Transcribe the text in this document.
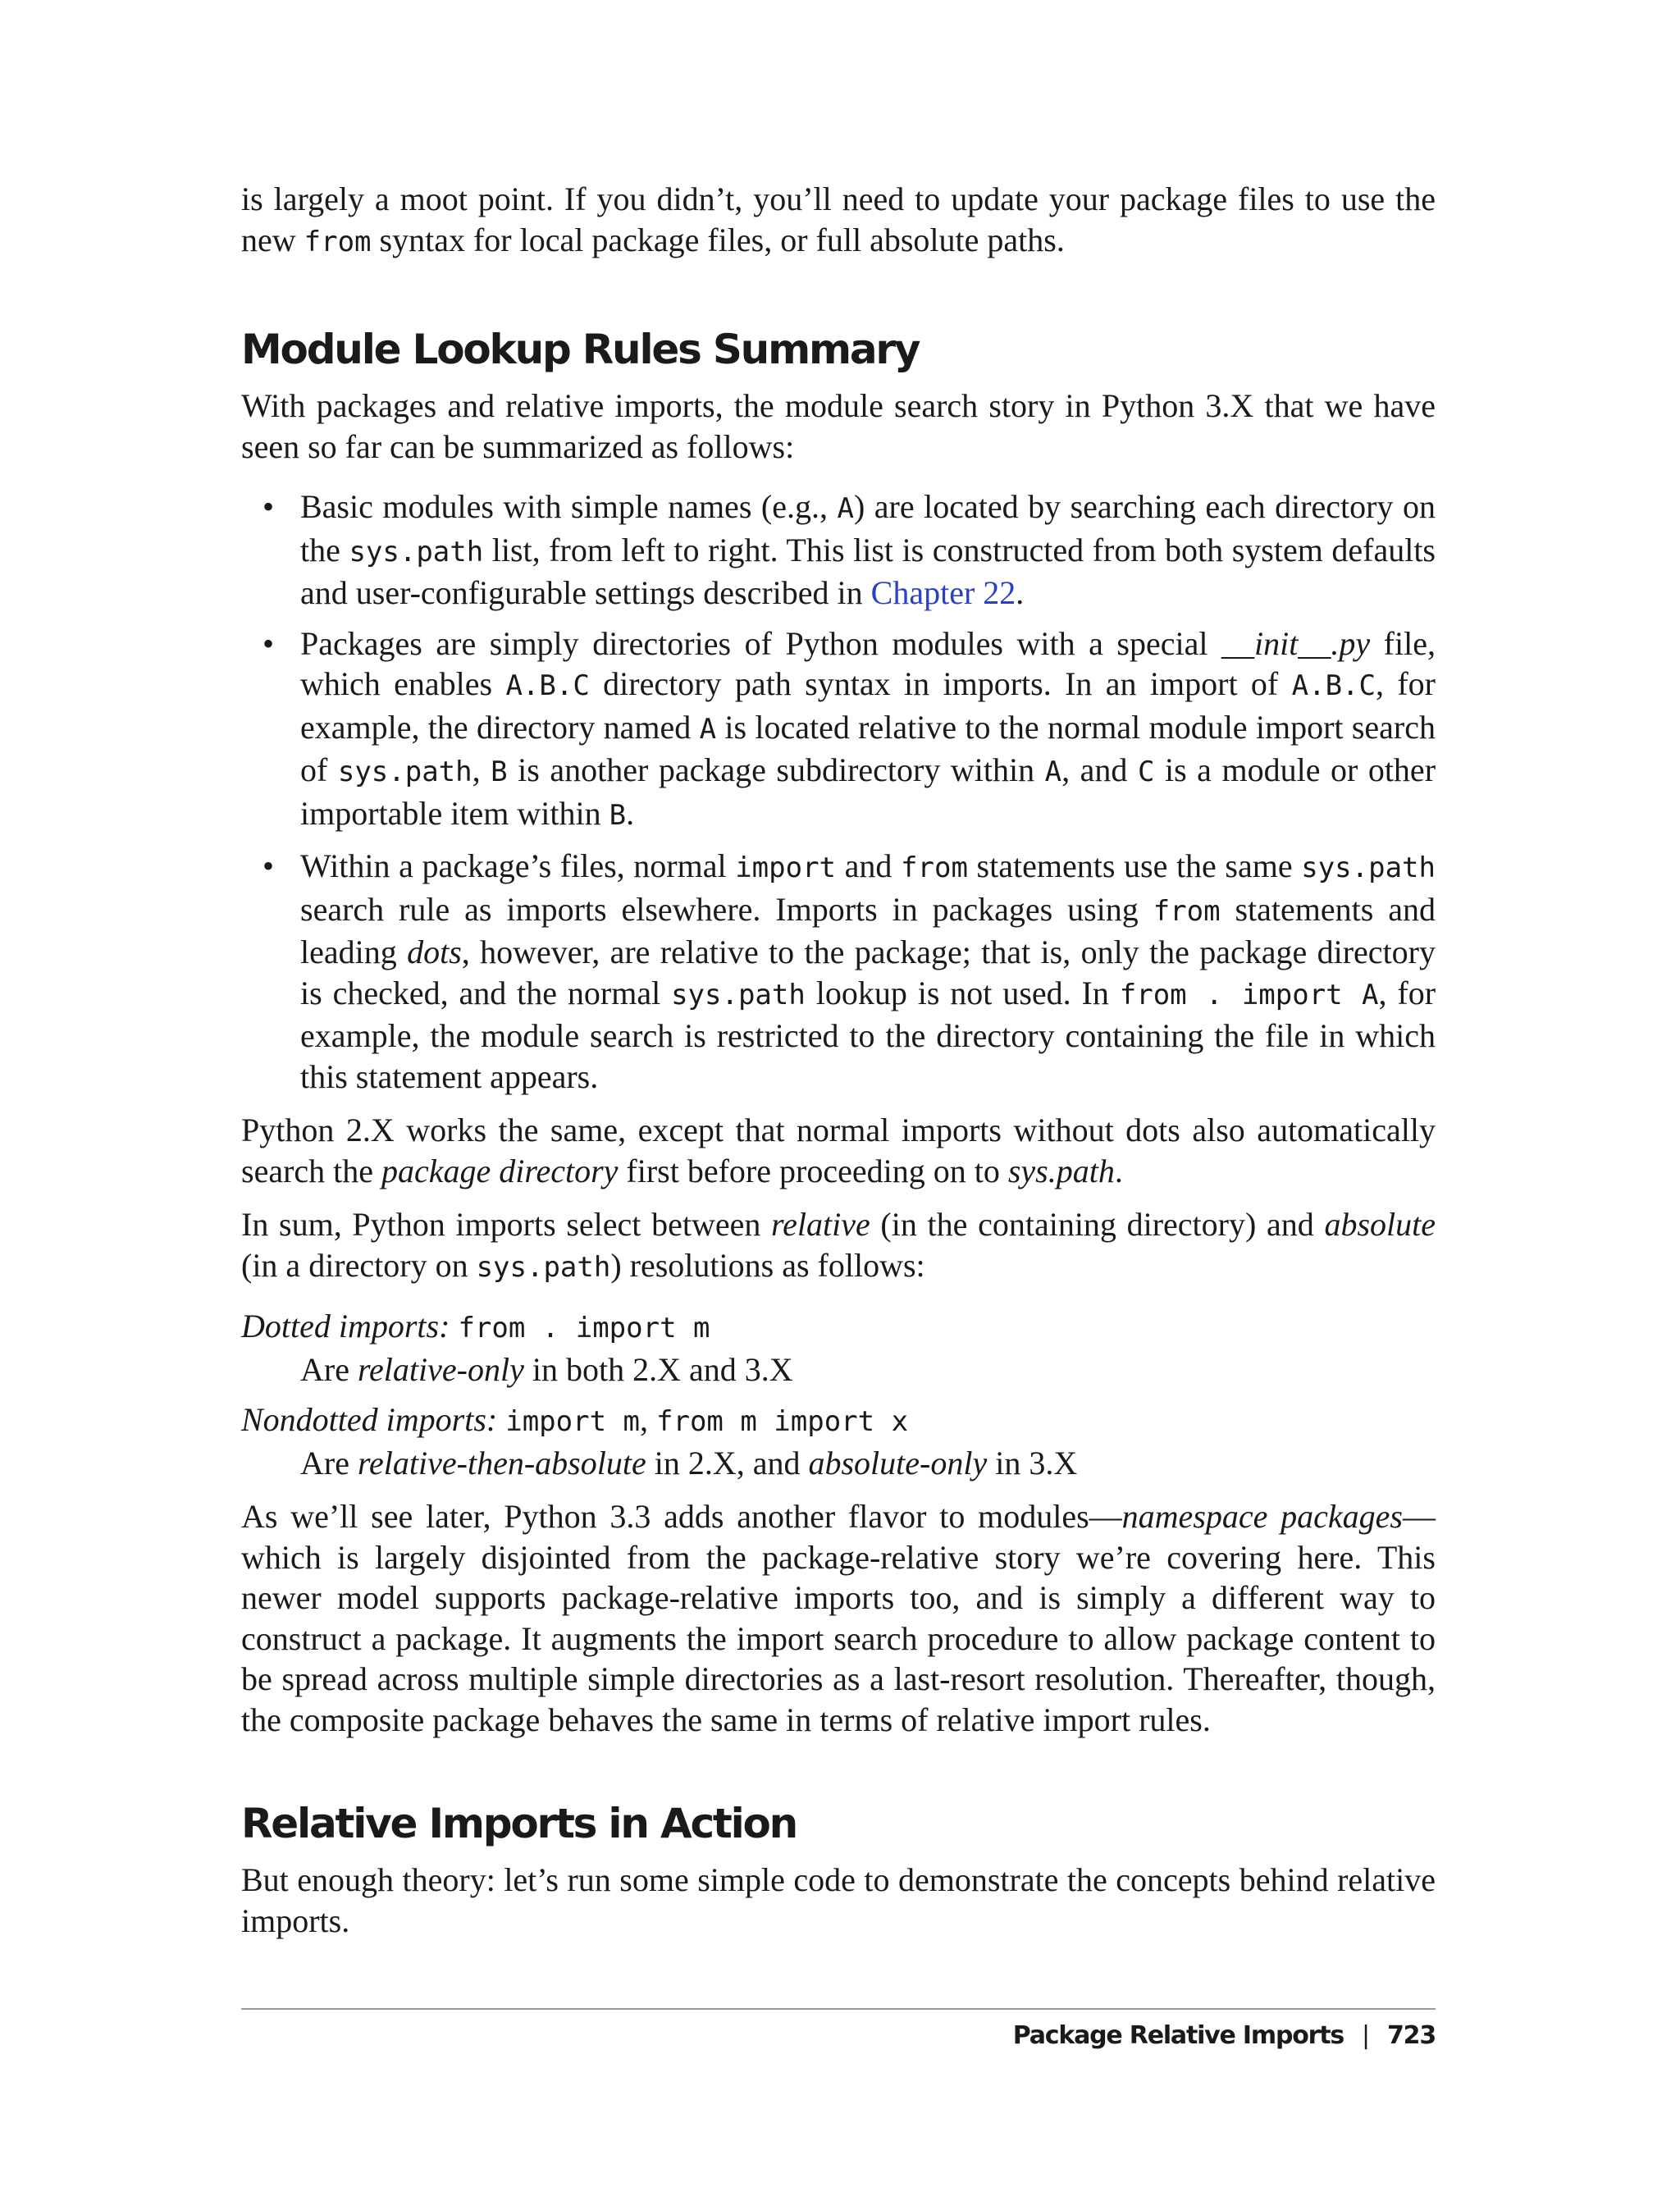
is largely a moot point. If you didn’t, you’ll need to update your package files to use the new from syntax for local package files, or full absolute paths.

Module Lookup Rules Summary

With packages and relative imports, the module search story in Python 3.X that we have seen so far can be summarized as follows:

• Basic modules with simple names (e.g., A) are located by searching each directory on the sys.path list, from left to right. This list is constructed from both system defaults and user-configurable settings described in Chapter 22.
• Packages are simply directories of Python modules with a special __init__.py file, which enables A.B.C directory path syntax in imports. In an import of A.B.C, for example, the directory named A is located relative to the normal module import search of sys.path, B is another package subdirectory within A, and C is a module or other importable item within B.
• Within a package’s files, normal import and from statements use the same sys.path search rule as imports elsewhere. Imports in packages using from statements and leading dots, however, are relative to the package; that is, only the package directory is checked, and the normal sys.path lookup is not used. In from . import A, for example, the module search is restricted to the directory containing the file in which this statement appears.

Python 2.X works the same, except that normal imports without dots also automatically search the package directory first before proceeding on to sys.path.

In sum, Python imports select between relative (in the containing directory) and absolute (in a directory on sys.path) resolutions as follows:

Dotted imports: from . import m
Are relative-only in both 2.X and 3.X
Nondotted imports: import m, from m import x
Are relative-then-absolute in 2.X, and absolute-only in 3.X

As we’ll see later, Python 3.3 adds another flavor to modules—namespace packages— which is largely disjointed from the package-relative story we’re covering here. This newer model supports package-relative imports too, and is simply a different way to construct a package. It augments the import search procedure to allow package content to be spread across multiple simple directories as a last-resort resolution. Thereafter, though, the composite package behaves the same in terms of relative import rules.

Relative Imports in Action

But enough theory: let’s run some simple code to demonstrate the concepts behind relative imports.

Package Relative Imports | 723
